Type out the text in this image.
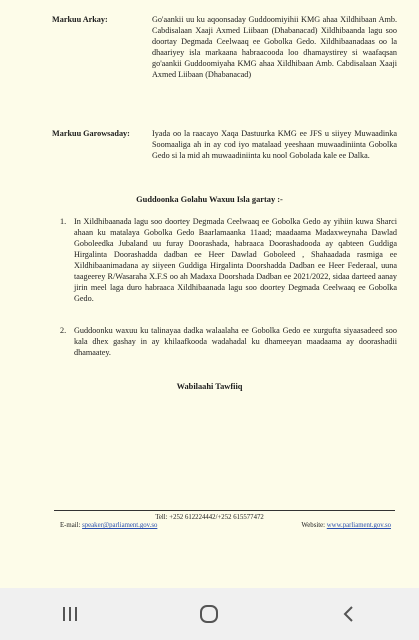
Markuu Arkay:	Go'aankii uu ku aqoonsaday Guddoomiyihii KMG ahaa Xildhibaan Amb. Cabdisalaan Xaaji Axmed Liibaan (Dhabanacad) Xildhibaanda lagu soo doortay Degmada Ceelwaaq ee Gobolka Gedo. Xildhibaanadaas oo la dhaariyey isla markaana habraacooda loo dhamaystirey si waafaqsan go'aankii Guddoomiyaha KMG ahaa Xildhibaan Amb. Cabdisalaan Xaaji Axmed Liibaan (Dhabanacad)
Markuu Garowsaday:	Iyada oo la raacayo Xaqa Dastuurka KMG ee JFS u siiyey Muwaadinka Soomaaliga ah in ay cod iyo matalaad yeeshaan muwaadiniinta Gobolka Gedo si la mid ah muwaadiniinta ku nool Gobolada kale ee Dalka.
Guddoonka Golahu Waxuu Isla gartay :-
1. In Xildhibaanada lagu soo doortey Degmada Ceelwaaq ee Gobolka Gedo ay yihiin kuwa Sharci ahaan ku matalaya Gobolka Gedo Baarlamaanka 11aad; maadaama Madaxweynaha Dawlad Goboleedka Jubaland uu furay Doorashada, habraaca Doorashadooda ay qabteen Guddiga Hirgalinta Doorashadda dadban ee Heer Dawlad Goboleed , Shahaadada rasmiga ee Xildhibaanimadana ay siiyeen Guddiga Hirgalinta Doorshadda Dadban ee Heer Federaal, uuna taageerey R/Wasaraha X.F.S oo ah Madaxa Doorshada Dadban ee 2021/2022, sidaa darteed aanay jirin meel laga duro habraaca Xildhibaanada lagu soo doortey Degmada Ceelwaaq ee Gobolka Gedo.
2. Guddoonku waxuu ku talinayaa dadka walaalaha ee Gobolka Gedo ee xurgufta siyaasadeed soo kala dhex gashay in ay khilaafkooda wadahadal ku dhameeyan maadaama ay doorashadii dhamaatey.
Wabilaahi Tawfiiq
Tell: +252 612224442/+252 615577472
E-mail: speaker@parliament.gov.so	Website: www.parliament.gov.so
